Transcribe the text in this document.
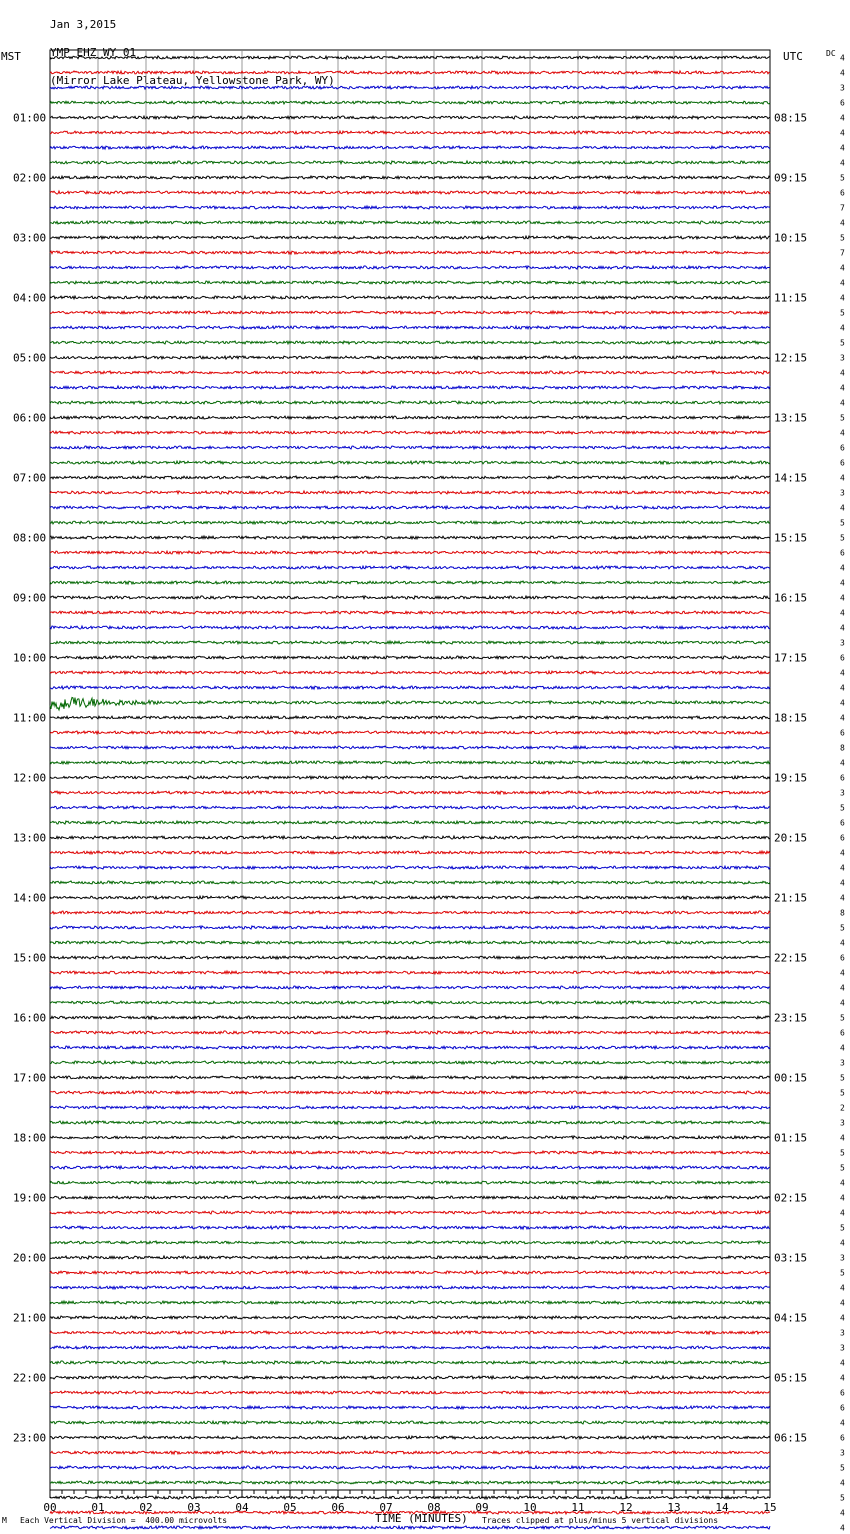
Jan 3,2015

YMP EHZ WY 01

(Mirror Lake Plateau, Yellowstone Park, WY)

01:00
02:00
03:00
04:00
05:00
06:00
07:00
08:00
09:00
10:00
11:00
12:00
13:00
14:00
15:00
16:00
17:00
18:00
19:00
20:00
21:00
22:00
23:00
08:15
09:15
10:15
11:15
12:15
13:15
14:15
15:15
16:15
17:15
18:15
19:15
20:15
21:15
22:15
23:15
00:15
01:15
02:15
03:15
04:15
05:15
06:15
4
4
3
6
4
4
4
4
5
6
7
4
5
7
4
4
4
5
4
5
3
4
4
4
5
4
6
6
4
3
4
5
5
6
4
4
4
4
4
3
6
4
4
4
4
6
8
4
6
3
5
6
6
4
4
4
4
8
5
4
6
4
4
4
5
6
4
3
5
5
2
3
4
5
5
4
4
4
5
4
3
5
4
4
4
3
3
4
4
6
6
4
6
3
5
4
5
4
4
00	01	02	03	04	05	06	07	08	09	10	11	12	13	14	15
MST	UTC	DC
TIME (MINUTES)
M Each Vertical Division =  400.00 microvolts	Traces clipped at plus/minus 5 vertical divisions
